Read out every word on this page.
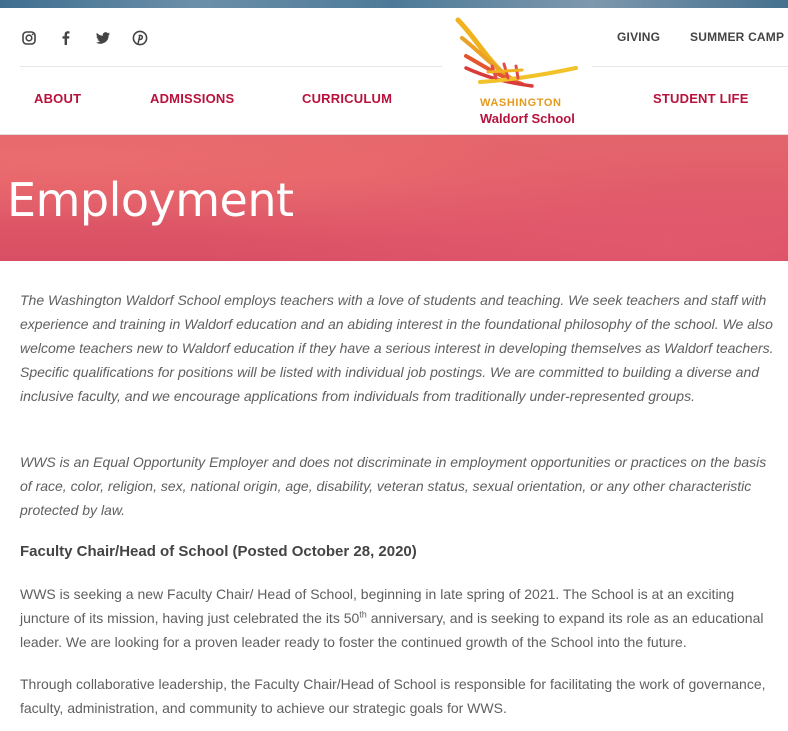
GIVING SUMMER CAMP
ABOUT	ADMISSIONS	CURRICULUM	STUDENT LIFE
WASHINGTON
Waldorf School
Employment

The Washington Waldorf School employs teachers with a love of students and teaching. We seek teachers and staff with experience and training in Waldorf education and an abiding interest in the foundational philosophy of the school. We also welcome teachers new to Waldorf education if they have a serious interest in developing themselves as Waldorf teachers. Specific qualifications for positions will be listed with individual job postings. We are committed to building a diverse and inclusive faculty, and we encourage applications from individuals from traditionally under-represented groups.

WWS is an Equal Opportunity Employer and does not discriminate in employment opportunities or practices on the basis of race, color, religion, sex, national origin, age, disability, veteran status, sexual orientation, or any other characteristic protected by law.

Faculty Chair/Head of School (Posted October 28, 2020)

WWS is seeking a new Faculty Chair/ Head of School, beginning in late spring of 2021. The School is at an exciting juncture of its mission, having just celebrated the its 50th anniversary, and is seeking to expand its role as an educational leader. We are looking for a proven leader ready to foster the continued growth of the School into the future.

Through collaborative leadership, the Faculty Chair/Head of School is responsible for facilitating the work of governance, faculty, administration, and community to achieve our strategic goals for WWS.
